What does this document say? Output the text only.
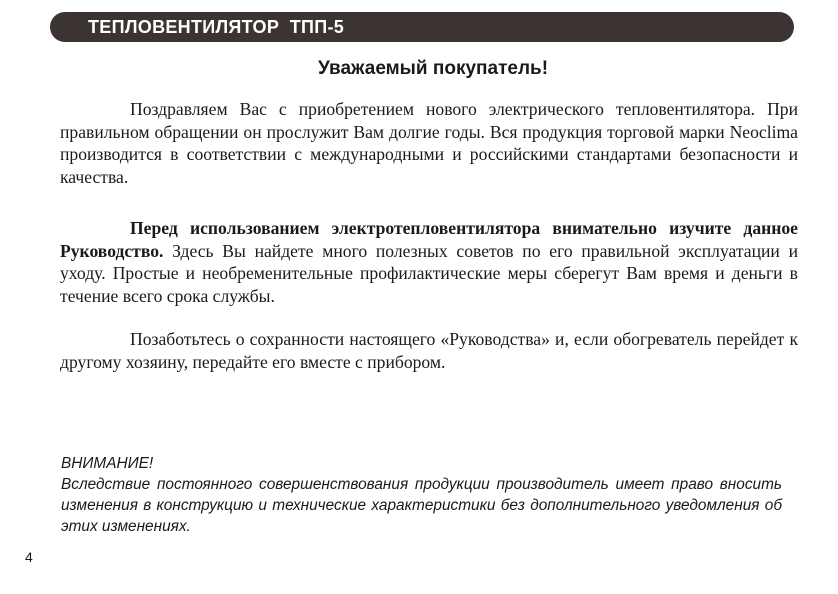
ТЕПЛОВЕНТИЛЯТОР  ТПП-5
Уважаемый покупатель!

Поздравляем Вас с приобретением нового электрического тепловентилятора. При правильном обращении он прослужит Вам долгие годы. Вся продукция торговой марки Neoclima производится в соответствии с международными и российскими стандартами безопасности и качества.

Перед использованием электротепловентилятора внимательно изучите данное Руководство. Здесь Вы найдете много полезных советов по его правильной эксплуатации и уходу. Простые и необременительные профилактические меры сберегут Вам время и деньги в течение всего срока службы.

Позаботьтесь о сохранности настоящего «Руководства» и, если обогреватель перейдет к другому хозяину, передайте его вместе с прибором.

ВНИМАНИЕ!
Вследствие постоянного совершенствования продукции производитель имеет право вносить изменения в конструкцию и технические характеристики без дополнительного уведомления об этих изменениях.
4
